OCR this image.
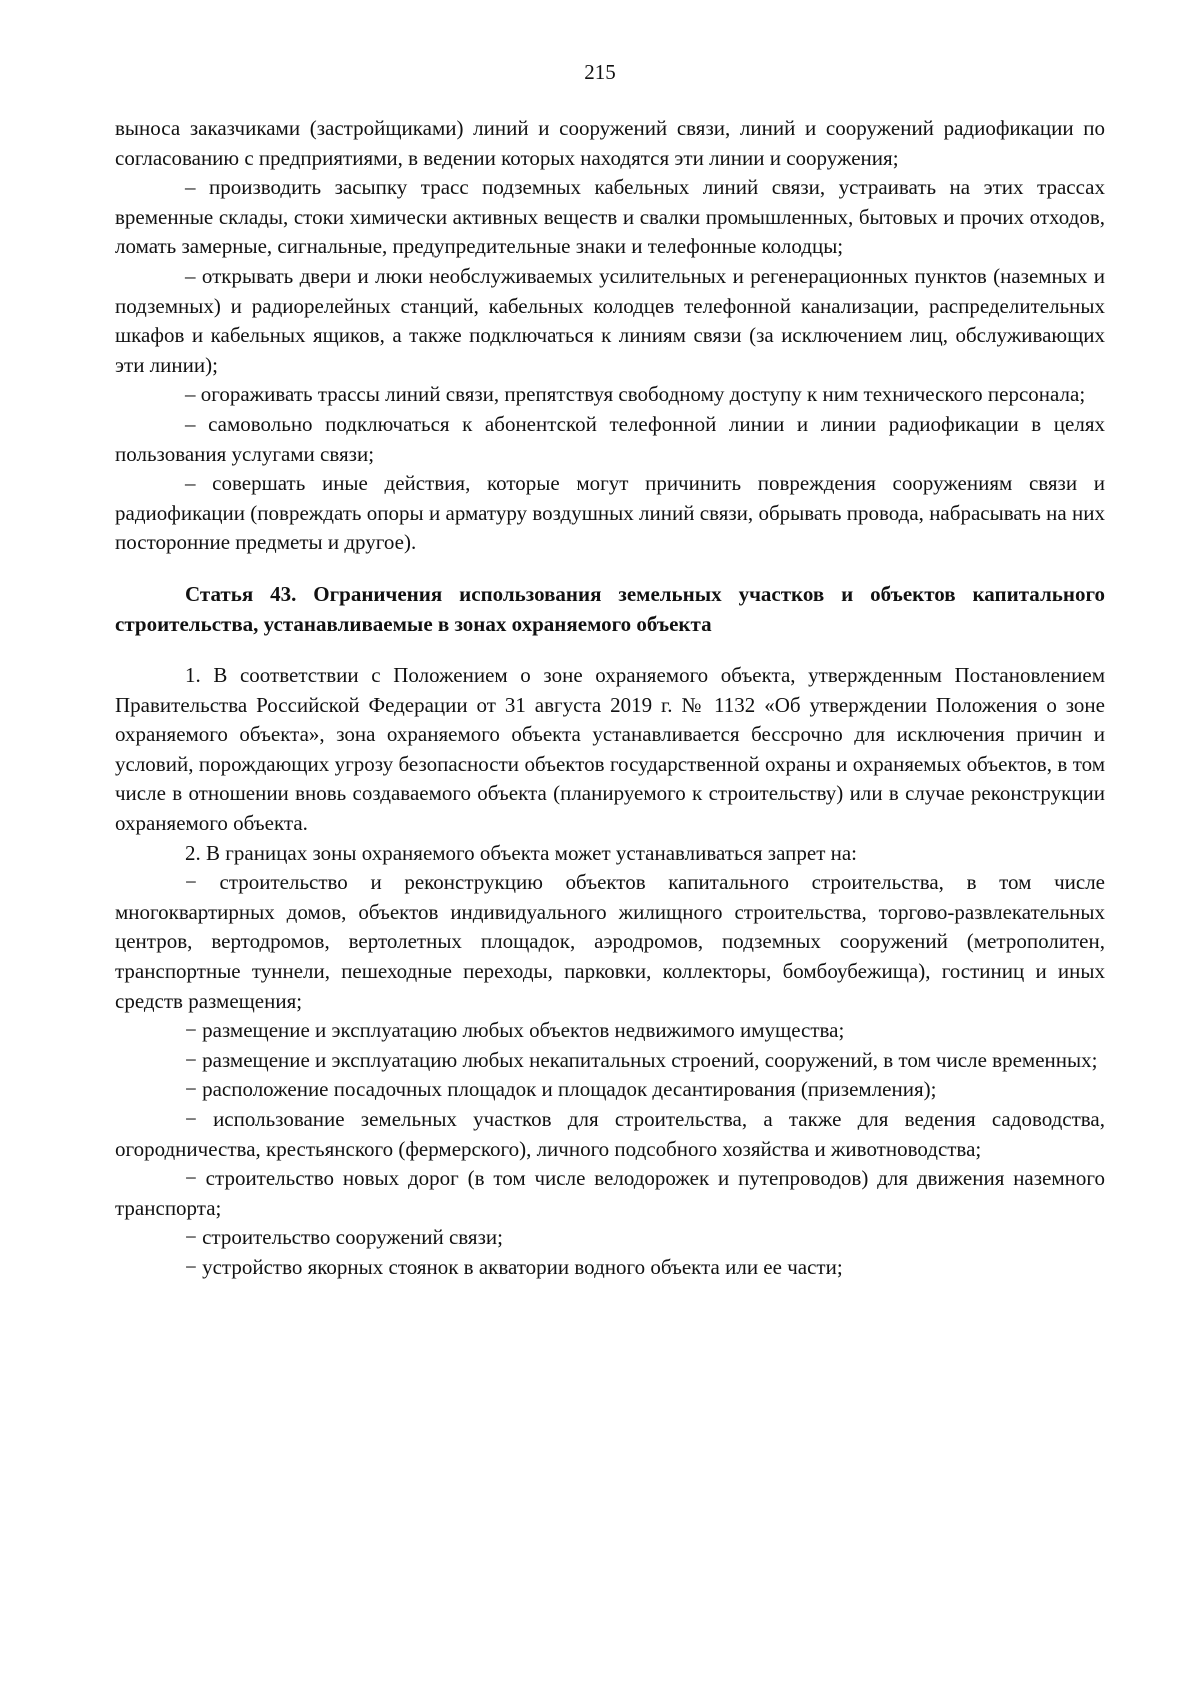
215

выноса заказчиками (застройщиками) линий и сооружений связи, линий и сооружений радиофикации по согласованию с предприятиями, в ведении которых находятся эти линии и сооружения;

– производить засыпку трасс подземных кабельных линий связи, устраивать на этих трассах временные склады, стоки химически активных веществ и свалки промышленных, бытовых и прочих отходов, ломать замерные, сигнальные, предупредительные знаки и телефонные колодцы;

– открывать двери и люки необслуживаемых усилительных и регенерационных пунктов (наземных и подземных) и радиорелейных станций, кабельных колодцев телефонной канализации, распределительных шкафов и кабельных ящиков, а также подключаться к линиям связи (за исключением лиц, обслуживающих эти линии);

– огораживать трассы линий связи, препятствуя свободному доступу к ним технического персонала;

– самовольно подключаться к абонентской телефонной линии и линии радиофикации в целях пользования услугами связи;

– совершать иные действия, которые могут причинить повреждения сооружениям связи и радиофикации (повреждать опоры и арматуру воздушных линий связи, обрывать провода, набрасывать на них посторонние предметы и другое).

Статья 43. Ограничения использования земельных участков и объектов капитального строительства, устанавливаемые в зонах охраняемого объекта

1. В соответствии с Положением о зоне охраняемого объекта, утвержденным Постановлением Правительства Российской Федерации от 31 августа 2019 г. № 1132 «Об утверждении Положения о зоне охраняемого объекта», зона охраняемого объекта устанавливается бессрочно для исключения причин и условий, порождающих угрозу безопасности объектов государственной охраны и охраняемых объектов, в том числе в отношении вновь создаваемого объекта (планируемого к строительству) или в случае реконструкции охраняемого объекта.

2. В границах зоны охраняемого объекта может устанавливаться запрет на:

− строительство и реконструкцию объектов капитального строительства, в том числе многоквартирных домов, объектов индивидуального жилищного строительства, торгово-развлекательных центров, вертодромов, вертолетных площадок, аэродромов, подземных сооружений (метрополитен, транспортные туннели, пешеходные переходы, парковки, коллекторы, бомбоубежища), гостиниц и иных средств размещения;

− размещение и эксплуатацию любых объектов недвижимого имущества;

− размещение и эксплуатацию любых некапитальных строений, сооружений, в том числе временных;

− расположение посадочных площадок и площадок десантирования (приземления);

− использование земельных участков для строительства, а также для ведения садоводства, огородничества, крестьянского (фермерского), личного подсобного хозяйства и животноводства;

− строительство новых дорог (в том числе велодорожек и путепроводов) для движения наземного транспорта;

− строительство сооружений связи;

− устройство якорных стоянок в акватории водного объекта или ее части;
